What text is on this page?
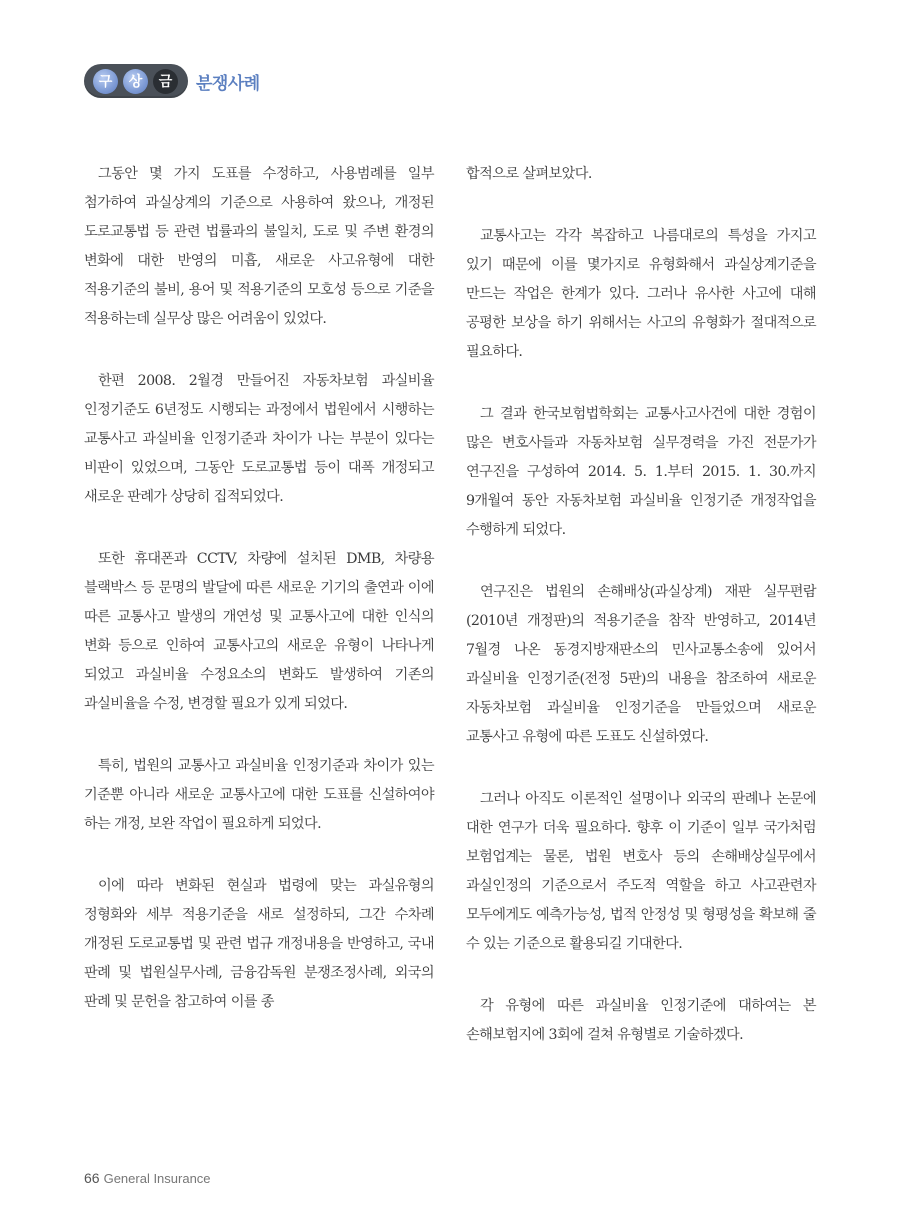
구	상	금	분쟁사례

그동안 몇 가지 도표를 수정하고, 사용범례를 일부 첨가하여 과실상계의 기준으로 사용하여 왔으나, 개정된 도로교통법 등 관련 법률과의 불일치, 도로 및 주변 환경의 변화에 대한 반영의 미흡, 새로운 사고유형에 대한 적용기준의 불비, 용어 및 적용기준의 모호성 등으로 기준을 적용하는데 실무상 많은 어려움이 있었다.

한편 2008. 2월경 만들어진 자동차보험 과실비율 인정기준도 6년정도 시행되는 과정에서 법원에서 시행하는 교통사고 과실비율 인정기준과 차이가 나는 부분이 있다는 비판이 있었으며, 그동안 도로교통법 등이 대폭 개정되고 새로운 판례가 상당히 집적되었다.

또한 휴대폰과 CCTV, 차량에 설치된 DMB, 차량용 블랙박스 등 문명의 발달에 따른 새로운 기기의 출연과 이에 따른 교통사고 발생의 개연성 및 교통사고에 대한 인식의 변화 등으로 인하여 교통사고의 새로운 유형이 나타나게 되었고 과실비율 수정요소의 변화도 발생하여 기존의 과실비율을 수정, 변경할 필요가 있게 되었다.

특히, 법원의 교통사고 과실비율 인정기준과 차이가 있는 기준뿐 아니라 새로운 교통사고에 대한 도표를 신설하여야 하는 개정, 보완 작업이 필요하게 되었다.

이에 따라 변화된 현실과 법령에 맞는 과실유형의 정형화와 세부 적용기준을 새로 설정하되, 그간 수차례 개정된 도로교통법 및 관련 법규 개정내용을 반영하고, 국내 판례 및 법원실무사례, 금융감독원 분쟁조정사례, 외국의 판례 및 문헌을 참고하여 이를 종

합적으로 살펴보았다.

교통사고는 각각 복잡하고 나름대로의 특성을 가지고 있기 때문에 이를 몇가지로 유형화해서 과실상계기준을 만드는 작업은 한계가 있다. 그러나 유사한 사고에 대해 공평한 보상을 하기 위해서는 사고의 유형화가 절대적으로 필요하다.

그 결과 한국보험법학회는 교통사고사건에 대한 경험이 많은 변호사들과 자동차보험 실무경력을 가진 전문가가 연구진을 구성하여 2014. 5. 1.부터 2015. 1. 30.까지 9개월여 동안 자동차보험 과실비율 인정기준 개정작업을 수행하게 되었다.

연구진은 법원의 손해배상(과실상계) 재판 실무편람(2010년 개정판)의 적용기준을 참작 반영하고, 2014년 7월경 나온 동경지방재판소의 민사교통소송에 있어서 과실비율 인정기준(전정 5판)의 내용을 참조하여 새로운 자동차보험 과실비율 인정기준을 만들었으며 새로운 교통사고 유형에 따른 도표도 신설하였다.

그러나 아직도 이론적인 설명이나 외국의 판례나 논문에 대한 연구가 더욱 필요하다. 향후 이 기준이 일부 국가처럼 보험업계는 물론, 법원 변호사 등의 손해배상실무에서 과실인정의 기준으로서 주도적 역할을 하고 사고관련자 모두에게도 예측가능성, 법적 안정성 및 형평성을 확보해 줄 수 있는 기준으로 활용되길 기대한다.

각 유형에 따른 과실비율 인정기준에 대하여는 본 손해보험지에 3회에 걸쳐 유형별로 기술하겠다.

66 General Insurance
